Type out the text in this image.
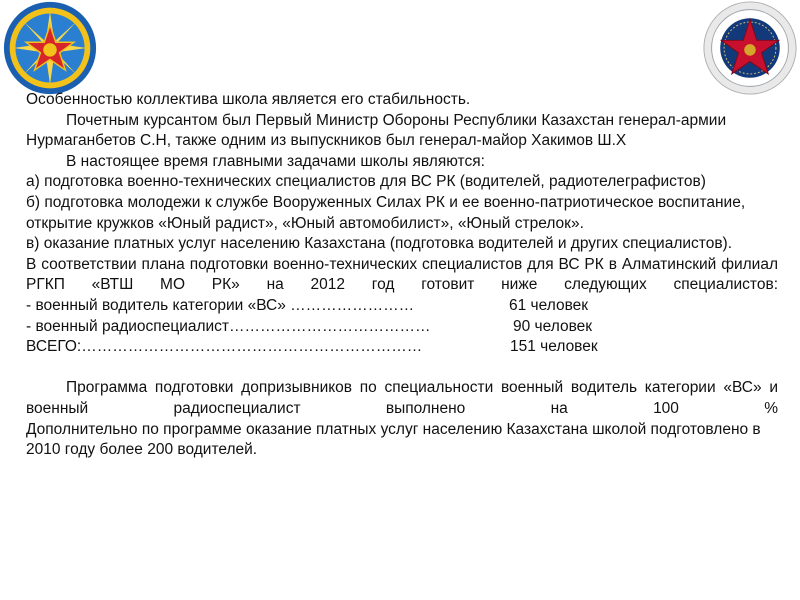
Особенностью коллектива школа является его стабильность.

Почетным курсантом был Первый Министр Обороны Республики Казахстан генерал-армии Нурмаганбетов С.Н, также одним из выпускников был генерал-майор Хакимов Ш.Х

В настоящее время главными задачами школы являются:

а) подготовка военно-технических специалистов для ВС РК (водителей, радиотелеграфистов)

б) подготовка молодежи к службе Вооруженных Силах РК и ее военно-патриотическое воспитание, открытие кружков «Юный радист», «Юный автомобилист», «Юный стрелок».

в) оказание платных услуг населению Казахстана (подготовка водителей и других специалистов).

В соответствии плана подготовки военно-технических специалистов для ВС РК в Алматинский филиал РГКП «ВТШ МО РК» на 2012 год готовит ниже следующих специалистов:

- военный водитель категории «ВС» ……………………	61 человек
- военный радиоспециалист…………………………………	90 человек
ВСЕГО:…………………………………………………………	151 человек

Программа подготовки допризывников по специальности военный водитель категории «ВС» и военный радиоспециалист выполнено на 100 %

Дополнительно по программе оказание платных услуг населению Казахстана школой подготовлено в 2010 году более 200 водителей.
